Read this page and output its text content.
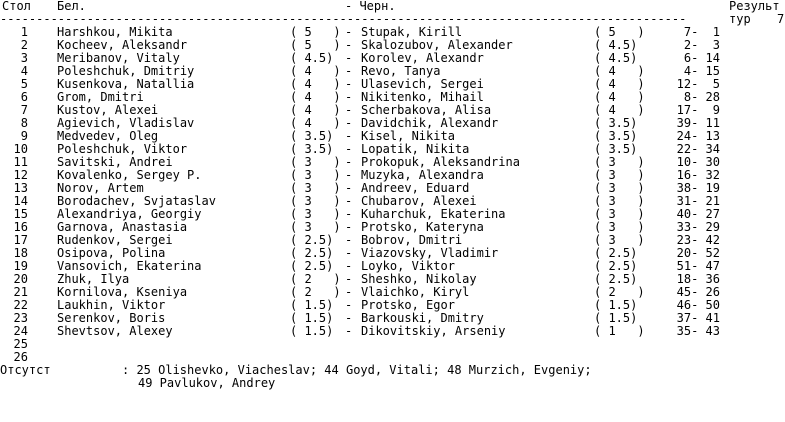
Стол Бел.	- Черн.	Результ
-----------------------------------------------------------------------------------------------	тур 7
1 Harshkou, Mikita	( 5   ) - Stupak, Kirill	( 5   )	7-  1
2 Kocheev, Aleksandr	( 5   ) - Skalozubov, Alexander	( 4.5)	2-  3
3 Meribanov, Vitaly	( 4.5) - Korolev, Alexandr	( 4.5)	6- 14
4 Poleshchuk, Dmitriy	( 4   ) - Revo, Tanya	( 4   )	4- 15
5 Kusenkova, Natallia	( 4   ) - Ulasevich, Sergei	( 4   )	12-  5
6 Grom, Dmitri	( 4   ) - Nikitenko, Mihail	( 4   )	8- 28
7 Kustov, Alexei	( 4   ) - Scherbakova, Alisa	( 4   )	17-  9
8 Agievich, Vladislav	( 4   ) - Davidchik, Alexandr	( 3.5)	39- 11
9 Medvedev, Oleg	( 3.5) - Kisel, Nikita	( 3.5)	24- 13
10 Poleshchuk, Viktor	( 3.5) - Lopatik, Nikita	( 3.5)	22- 34
11 Savitski, Andrei	( 3   ) - Prokopuk, Aleksandrina	( 3   )	10- 30
12 Kovalenko, Sergey P.	( 3   ) - Muzyka, Alexandra	( 3   )	16- 32
13 Norov, Artem	( 3   ) - Andreev, Eduard	( 3   )	38- 19
14 Borodachev, Svjataslav	( 3   ) - Chubarov, Alexei	( 3   )	31- 21
15 Alexandriya, Georgiy	( 3   ) - Kuharchuk, Ekaterina	( 3   )	40- 27
16 Garnova, Anastasia	( 3   ) - Protsko, Kateryna	( 3   )	33- 29
17 Rudenkov, Sergei	( 2.5) - Bobrov, Dmitri	( 3   )	23- 42
18 Osipova, Polina	( 2.5) - Viazovsky, Vladimir	( 2.5)	20- 52
19 Vansovich, Ekaterina	( 2.5) - Loyko, Viktor	( 2.5)	51- 47
20 Zhuk, Ilya	( 2   ) - Sheshko, Nikolay	( 2.5)	18- 36
21 Kornilova, Kseniya	( 2   ) - Vlaichko, Kiryl	( 2   )	45- 26
22 Laukhin, Viktor	( 1.5) - Protsko, Egor	( 1.5)	46- 50
23 Serenkov, Boris	( 1.5) - Barkouski, Dmitry	( 1.5)	37- 41
24 Shevtsov, Alexey	( 1.5) - Dikovitskiy, Arseniy	( 1   )	35- 43
25
26
Отсутст	: 25 Olishevko, Viacheslav; 44 Goyd, Vitali; 48 Murzich, Evgeniy;
49 Pavlukov, Andrey
